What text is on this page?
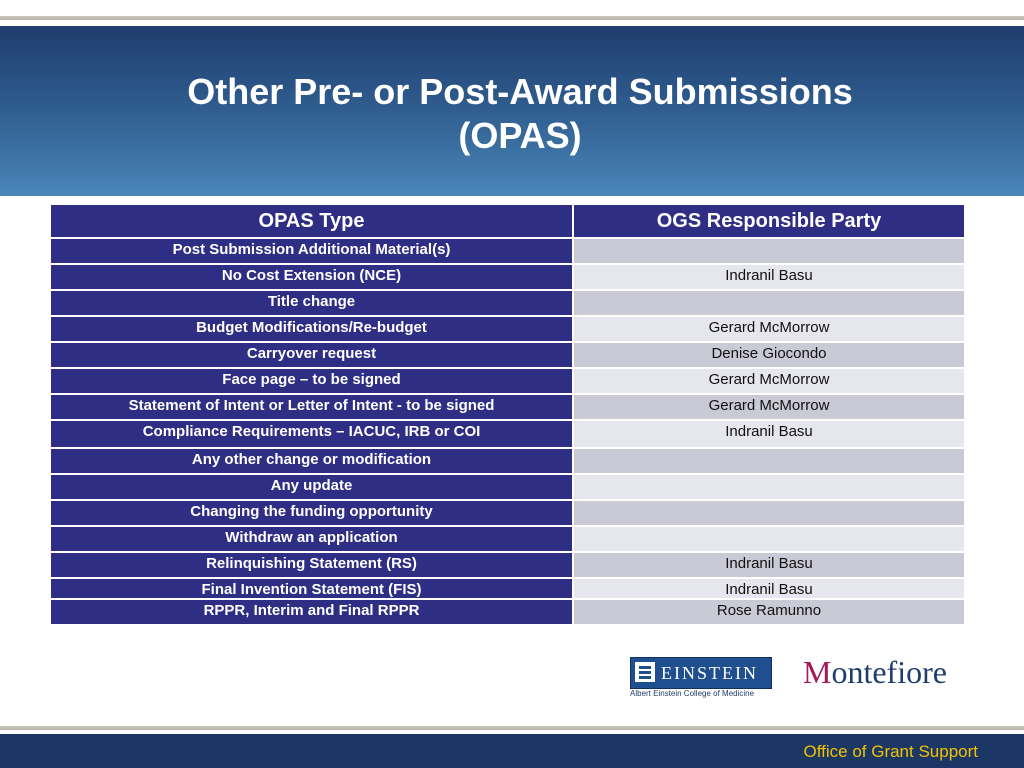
Other Pre- or Post-Award Submissions
(OPAS)
OPAS Type	OGS Responsible Party
Post Submission Additional Material(s)	
No Cost Extension (NCE)	Indranil Basu
Title change	
Budget Modifications/Re-budget	Gerard McMorrow
Carryover request	Denise Giocondo
Face page – to be signed	Gerard McMorrow
Statement of Intent or Letter of Intent - to be signed	Gerard McMorrow
Compliance Requirements – IACUC, IRB or COI	Indranil Basu
Any other change or modification	
Any update	
Changing the funding opportunity	
Withdraw an application	
Relinquishing Statement (RS)	Indranil Basu
Final Invention Statement (FIS)	Indranil Basu
RPPR, Interim and Final RPPR	Rose Ramunno
EINSTEIN
Albert Einstein College of Medicine
Montefiore
Office of Grant Support
